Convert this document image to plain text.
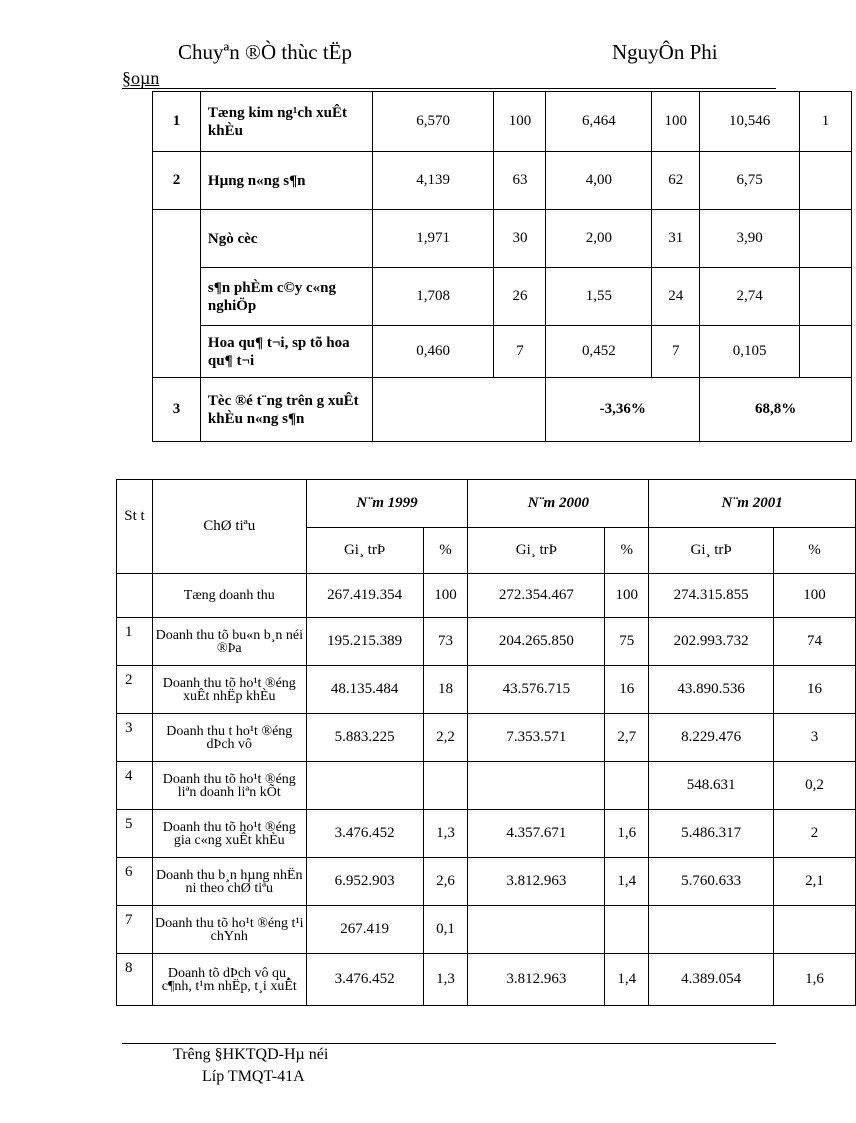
Chuyªn ®Ò thùc tËp	NguyÔn Phi
§oµn
1	Tæng kim ng¹ch xuÊt khÈu	6,570	100	6,464	100	10,546	1
2	Hµng n«ng s¶n	4,139	63	4,00	62	6,75	
	Ngò cèc	1,971	30	2,00	31	3,90	
	s¶n phÈm c©y c«ng nghiÖp	1,708	26	1,55	24	2,74	
	Hoa qu¶ t¬i, sp tõ hoa qu¶ t¬i	0,460	7	0,452	7	0,105	
3	Tèc ®é t¨ng trên g xuÊt khÈu n«ng s¶n			-3,36%		68,8%	
St t	ChØ tiªu	N¨m 1999		N¨m 2000		N¨m 2001	
		Gi¸ trÞ	%	Gi¸ trÞ	%	Gi¸ trÞ	%
	Tæng doanh thu	267.419.354	100	272.354.467	100	274.315.855	100
1	Doanh thu tõ bu«n b¸n néi ®Þa	195.215.389	73	204.265.850	75	202.993.732	74
2	Doanh thu tõ ho¹t ®éng xuÊt nhËp khÈu	48.135.484	18	43.576.715	16	43.890.536	16
3	Doanh thu t ho¹t ®éng dÞch vô	5.883.225	2,2	7.353.571	2,7	8.229.476	3
4	Doanh thu tõ ho¹t ®éng liªn doanh liªn kÕt					548.631	0,2
5	Doanh thu tõ ho¹t ®éng gia c«ng xuÊt khÈu	3.476.452	1,3	4.357.671	1,6	5.486.317	2
6	Doanh thu b¸n hµng nhËn ni theo chØ tiªu	6.952.903	2,6	3.812.963	1,4	5.760.633	2,1
7	Doanh thu tõ ho¹t ®éng t¹i chYnh	267.419	0,1				
8	Doanh tõ dÞch vô qu¸ c¶nh, t¹m nhËp, t¸i xuÊt	3.476.452	1,3	3.812.963	1,4	4.389.054	1,6
Trêng §HKTQD-Hµ néi
Líp TMQT-41A
